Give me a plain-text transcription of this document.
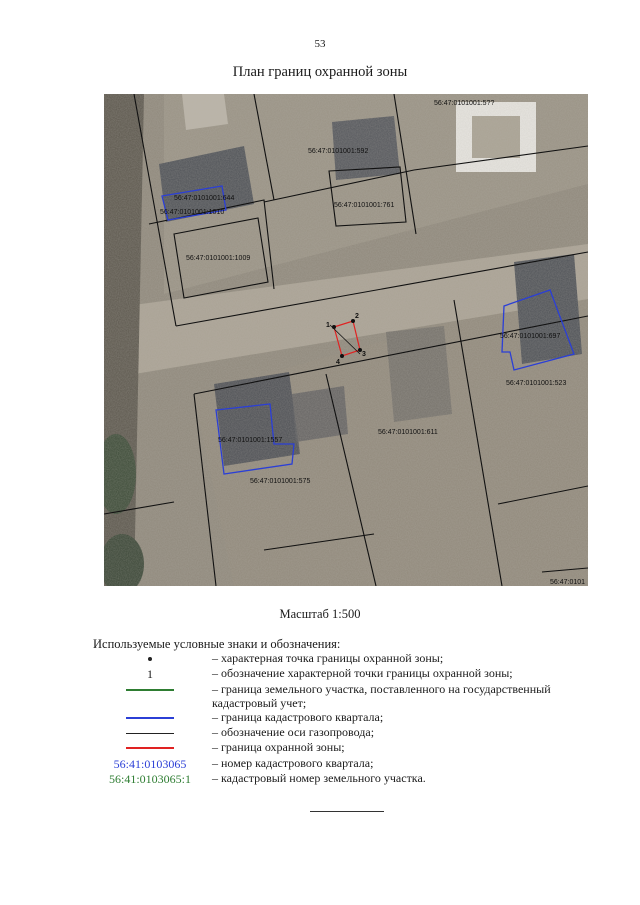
53
План границ охранной зоны
1
2
3
4
56:47:0101001:592
56:47:0101001:5??
56:47:0101001:644
56:47:0101001:1010
56:47:0101001:761
56:47:0101001:1009
56:47:0101001:697
56:47:0101001:523
56:47:0101001:611
56:47:0101001:1557
56:47:0101001:575
56:47:0101
Масштаб 1:500
Используемые условные знаки и обозначения:
– характерная точка границы охранной зоны;
1	– обозначение характерной точки границы охранной зоны;
– граница земельного участка, поставленного на государственный кадастровый учет;
– граница кадастрового квартала;
– обозначение оси газопровода;
– граница охранной зоны;
56:41:0103065	– номер кадастрового квартала;
56:41:0103065:1	– кадастровый номер земельного участка.
